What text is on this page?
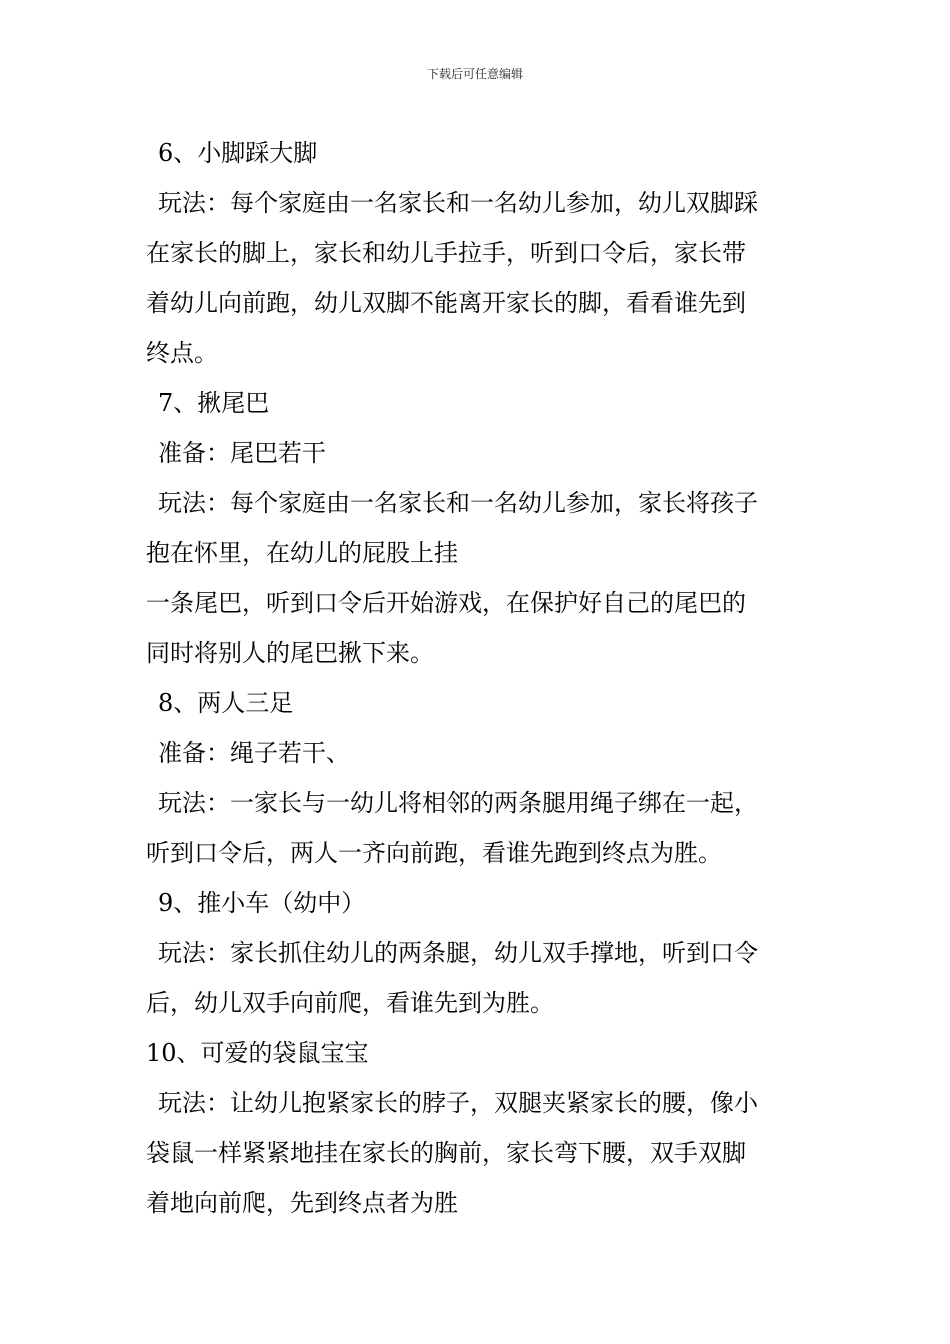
下载后可任意编辑
6、小脚踩大脚
玩法：每个家庭由一名家长和一名幼儿参加，幼儿双脚踩
在家长的脚上，家长和幼儿手拉手，听到口令后，家长带
着幼儿向前跑，幼儿双脚不能离开家长的脚，看看谁先到
终点。
7、揪尾巴
准备：尾巴若干
玩法：每个家庭由一名家长和一名幼儿参加，家长将孩子
抱在怀里，在幼儿的屁股上挂
一条尾巴，听到口令后开始游戏，在保护好自己的尾巴的
同时将别人的尾巴揪下来。
8、两人三足
准备：绳子若干、
玩法：一家长与一幼儿将相邻的两条腿用绳子绑在一起，
听到口令后，两人一齐向前跑，看谁先跑到终点为胜。
9、推小车（幼中）
玩法：家长抓住幼儿的两条腿，幼儿双手撑地，听到口令
后，幼儿双手向前爬，看谁先到为胜。
10、可爱的袋鼠宝宝
玩法：让幼儿抱紧家长的脖子，双腿夹紧家长的腰，像小
袋鼠一样紧紧地挂在家长的胸前，家长弯下腰，双手双脚
着地向前爬，先到终点者为胜
